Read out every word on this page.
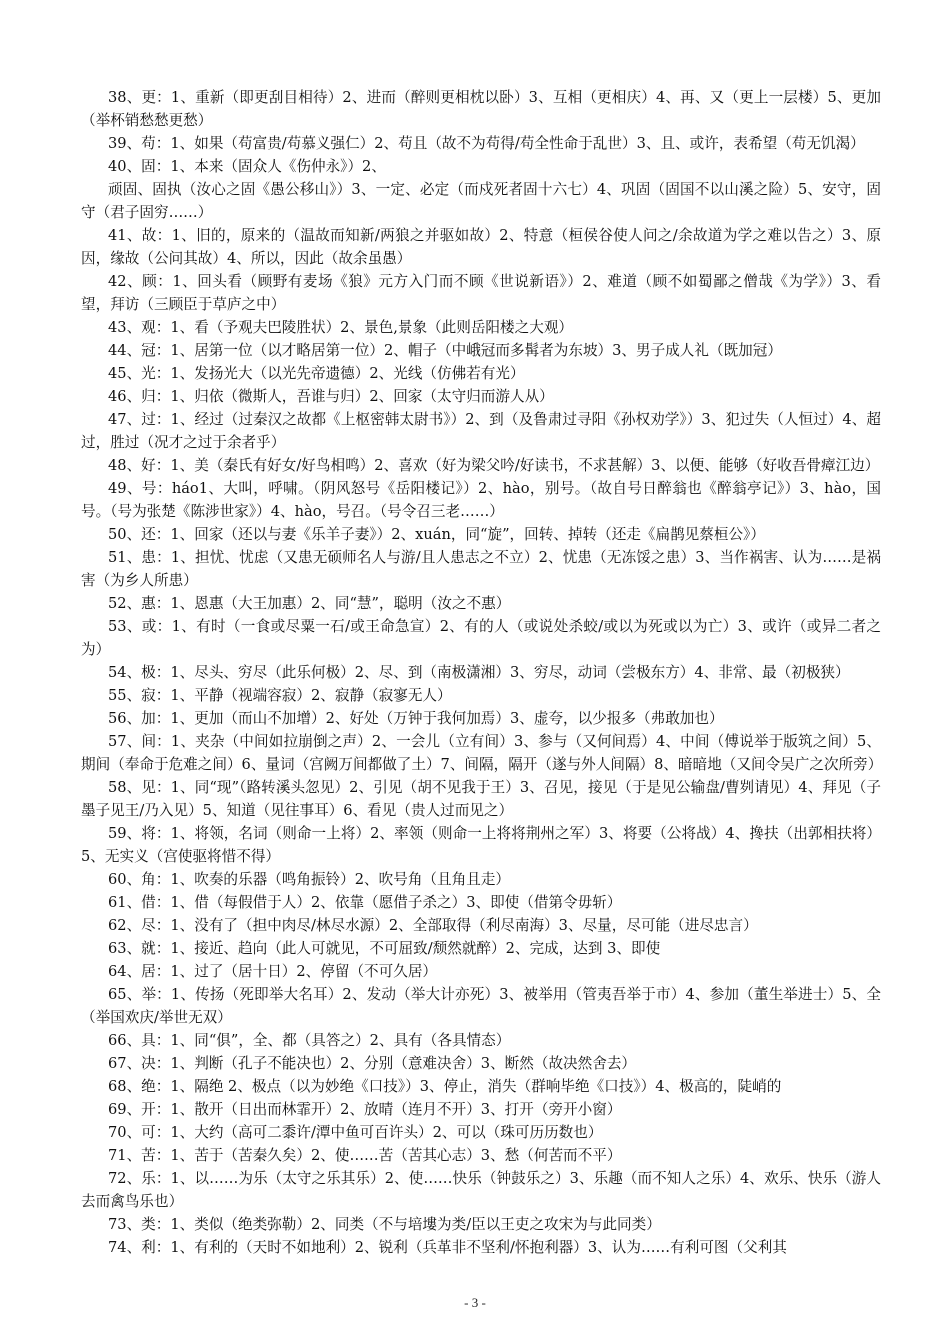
38、更：1、重新（即更刮目相待）2、进而（醉则更相枕以卧）3、互相（更相庆）4、再、又（更上一层楼）5、更加（举杯销愁愁更愁）

39、苟：1、如果（苟富贵/苟慕义强仁）2、苟且（故不为苟得/苟全性命于乱世）3、且、或许，表希望（苟无饥渴）

40、固：1、本来（固众人《伤仲永》）2、

顽固、固执（汝心之固《愚公移山》）3、一定、必定（而戍死者固十六七）4、巩固（固国不以山溪之险）5、安守，固守（君子固穷……）

41、故：1、旧的，原来的（温故而知新/两狼之并驱如故）2、特意（桓侯谷使人问之/余故道为学之难以告之）3、原因，缘故（公问其故）4、所以，因此（故余虽愚）

42、顾：1、回头看（顾野有麦场《狼》元方入门而不顾《世说新语》）2、难道（顾不如蜀鄙之僧哉《为学》）3、看望，拜访（三顾臣于草庐之中）

43、观：1、看（予观夫巴陵胜状）2、景色,景象（此则岳阳楼之大观）

44、冠：1、居第一位（以才略居第一位）2、帽子（中峨冠而多髯者为东坡）3、男子成人礼（既加冠）

45、光：1、发扬光大（以光先帝遗德）2、光线（仿佛若有光）

46、归：1、归依（微斯人，吾谁与归）2、回家（太守归而游人从）

47、过：1、经过（过秦汉之故都《上枢密韩太尉书》）2、到（及鲁肃过寻阳《孙权劝学》）3、犯过失（人恒过）4、超过，胜过（况才之过于余者乎）

48、好：1、美（秦氏有好女/好鸟相鸣）2、喜欢（好为梁父吟/好读书，不求甚解）3、以便、能够（好收吾骨瘴江边）

49、号：háo1、大叫，呼啸。（阴风怒号《岳阳楼记》）2、hào，别号。（故自号日醉翁也《醉翁亭记》）3、hào，国号。（号为张楚《陈涉世家》）4、hào，号召。（号令召三老……）

50、还：1、回家（还以与妻《乐羊子妻》）2、xuán，同“旋”，回转、掉转（还走《扁鹊见蔡桓公》）

51、患：1、担忧、忧虑（又患无硕师名人与游/且人患志之不立）2、忧患（无冻馁之患）3、当作祸害、认为……是祸害（为乡人所患）

52、惠：1、恩惠（大王加惠）2、同“慧”，聪明（汝之不惠）

53、或：1、有时（一食或尽粟一石/或王命急宣）2、有的人（或说处杀蛟/或以为死或以为亡）3、或许（或异二者之为）

54、极：1、尽头、穷尽（此乐何极）2、尽、到（南极潇湘）3、穷尽，动词（尝极东方）4、非常、最（初极狭）

55、寂：1、平静（视端容寂）2、寂静（寂寥无人）

56、加：1、更加（而山不加增）2、好处（万钟于我何加焉）3、虚夸，以少报多（弗敢加也）

57、间：1、夹杂（中间如拉崩倒之声）2、一会儿（立有间）3、参与（又何间焉）4、中间（傅说举于版筑之间）5、期间（奉命于危难之间）6、量词（宫阙万间都做了土）7、间隔，隔开（遂与外人间隔）8、暗暗地（又间令吴广之次所旁）

58、见：1、同“现”（路转溪头忽见）2、引见（胡不见我于王）3、召见，接见（于是见公输盘/曹刿请见）4、拜见（子墨子见王/乃入见）5、知道（见往事耳）6、看见（贵人过而见之）

59、将：1、将领，名词（则命一上将）2、率领（则命一上将将荆州之军）3、将要（公将战）4、搀扶（出郭相扶将）5、无实义（宫使驱将惜不得）

60、角：1、吹奏的乐器（鸣角振铃）2、吹号角（且角且走）

61、借：1、借（每假借于人）2、依靠（愿借子杀之）3、即使（借第令毋斩）

62、尽：1、没有了（担中肉尽/林尽水源）2、全部取得（利尽南海）3、尽量，尽可能（进尽忠言）

63、就：1、接近、趋向（此人可就见，不可屈致/颓然就醉）2、完成，达到 3、即使

64、居：1、过了（居十日）2、停留（不可久居）

65、举：1、传扬（死即举大名耳）2、发动（举大计亦死）3、被举用（管夷吾举于市）4、参加（董生举进士）5、全（举国欢庆/举世无双）

66、具：1、同“俱”，全、都（具答之）2、具有（各具情态）

67、决：1、判断（孔子不能决也）2、分别（意难决舍）3、断然（故决然舍去）

68、绝：1、隔绝 2、极点（以为妙绝《口技》）3、停止，消失（群响毕绝《口技》）4、极高的，陡峭的

69、开：1、散开（日出而林霏开）2、放晴（连月不开）3、打开（旁开小窗）

70、可：1、大约（高可二黍许/潭中鱼可百许头）2、可以（珠可历历数也）

71、苦：1、苦于（苦秦久矣）2、使……苦（苦其心志）3、愁（何苦而不平）

72、乐：1、以……为乐（太守之乐其乐）2、使……快乐（钟鼓乐之）3、乐趣（而不知人之乐）4、欢乐、快乐（游人去而禽鸟乐也）

73、类：1、类似（绝类弥勒）2、同类（不与培塿为类/臣以王吏之攻宋为与此同类）

74、利：1、有利的（天时不如地利）2、锐利（兵革非不坚利/怀抱利器）3、认为……有利可图（父利其

- 3 -
